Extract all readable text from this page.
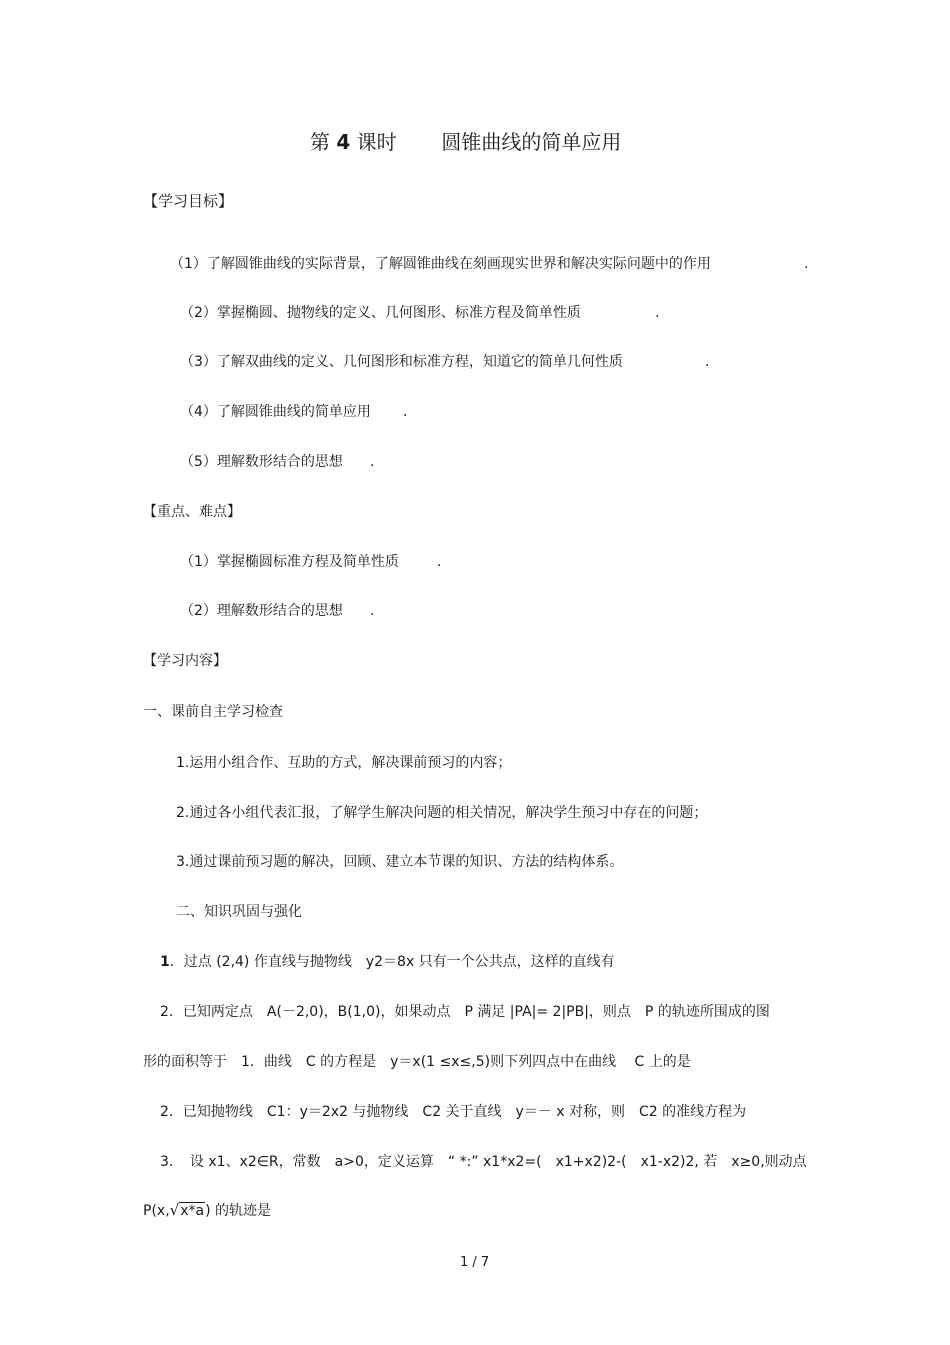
第 4 课时 圆锥曲线的简单应用
【学习目标】
（1）了解圆锥曲线的实际背景，了解圆锥曲线在刻画现实世界和解决实际问题中的作用	.
（2）掌握椭圆、抛物线的定义、几何图形、标准方程及简单性质	.
（3）了解双曲线的定义、几何图形和标准方程，知道它的简单几何性质	.
（4）了解圆锥曲线的简单应用 .
（5）理解数形结合的思想 .
【重点、难点】
（1）掌握椭圆标准方程及简单性质	.
（2）理解数形结合的思想 .
【学习内容】
一、课前自主学习检查
1.运用小组合作、互助的方式，解决课前预习的内容；
2.通过各小组代表汇报，了解学生解决问题的相关情况，解决学生预习中存在的问题；
3.通过课前预习题的解决，回顾、建立本节课的知识、方法的结构体系。
二、知识巩固与强化
1．过点 (2,4) 作直线与抛物线　y2＝8x 只有一个公共点，这样的直线有
2．已知两定点　A(－2,0)，B(1,0)，如果动点　P 满足 |PA|= 2|PB|，则点　P 的轨迹所围成的图
形的面积等于　1．曲线　C 的方程是　y＝x(1 ≤x≤,5)则下列四点中在曲线　 C 上的是
2．已知抛物线　C1：y＝2x2 与抛物线　C2 关于直线　y＝－ x 对称，则　C2 的准线方程为
3．　设 x1、x2∈R，常数　a>0，定义运算　“ *:” x1*x2=(　x1+x2)2-(　x1-x2)2, 若　x≥0,则动点
P(x,√x*a) 的轨迹是
1 / 7
